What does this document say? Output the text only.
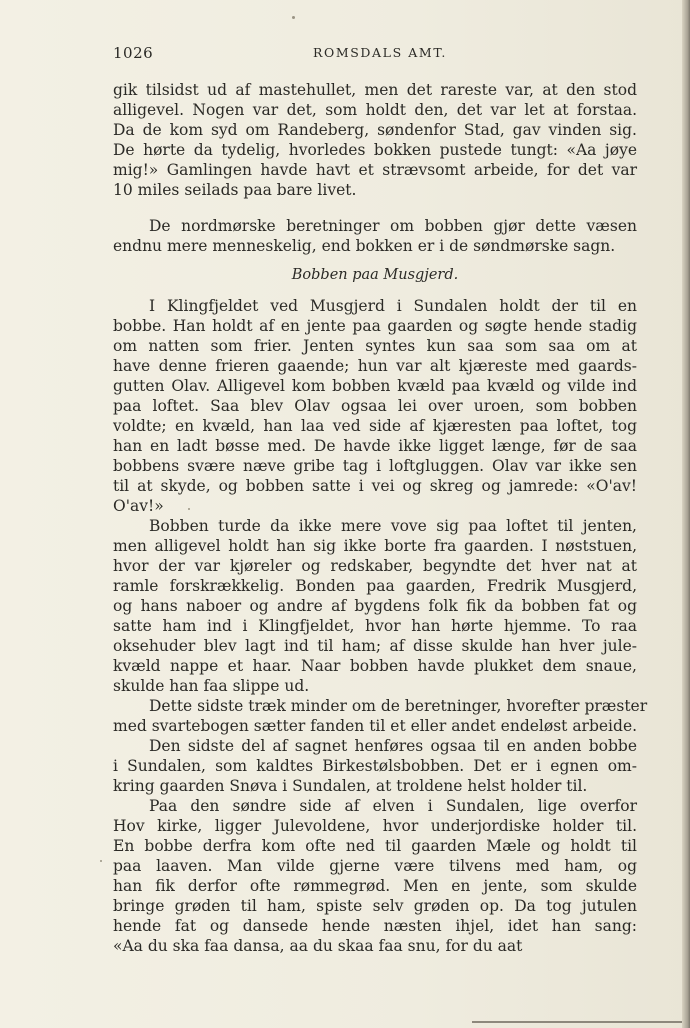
1026	ROMSDALS AMT.
gik tilsidst ud af mastehullet, men det rareste var, at den stod
alligevel. Nogen var det, som holdt den, det var let at forstaa.
Da de kom syd om Randeberg, søndenfor Stad, gav vinden sig.
De hørte da tydelig, hvorledes bokken pustede tungt: «Aa jøye
mig!» Gamlingen havde havt et strævsomt arbeide, for det var
10 miles seilads paa bare livet.
De nordmørske beretninger om bobben gjør dette væsen
endnu mere menneskelig, end bokken er i de søndmørske sagn.
Bobben paa Musgjerd.
I Klingfjeldet ved Musgjerd i Sundalen holdt der til en
bobbe. Han holdt af en jente paa gaarden og søgte hende stadig
om natten som frier. Jenten syntes kun saa som saa om at
have denne frieren gaaende; hun var alt kjæreste med gaards-
gutten Olav. Alligevel kom bobben kvæld paa kvæld og vilde ind
paa loftet. Saa blev Olav ogsaa lei over uroen, som bobben
voldte; en kvæld, han laa ved side af kjæresten paa loftet, tog
han en ladt bøsse med. De havde ikke ligget længe, før de saa
bobbens svære næve gribe tag i loftgluggen. Olav var ikke sen
til at skyde, og bobben satte i vei og skreg og jamrede: «O'av!
O'av!»
Bobben turde da ikke mere vove sig paa loftet til jenten,
men alligevel holdt han sig ikke borte fra gaarden. I nøststuen,
hvor der var kjøreler og redskaber, begyndte det hver nat at
ramle forskrækkelig. Bonden paa gaarden, Fredrik Musgjerd,
og hans naboer og andre af bygdens folk fik da bobben fat og
satte ham ind i Klingfjeldet, hvor han hørte hjemme. To raa
oksehuder blev lagt ind til ham; af disse skulde han hver jule-
kvæld nappe et haar. Naar bobben havde plukket dem snaue,
skulde han faa slippe ud.
Dette sidste træk minder om de beretninger, hvorefter præster
med svartebogen sætter fanden til et eller andet endeløst arbeide.
Den sidste del af sagnet henføres ogsaa til en anden bobbe
i Sundalen, som kaldtes Birkestølsbobben. Det er i egnen om-
kring gaarden Snøva i Sundalen, at troldene helst holder til.
Paa den søndre side af elven i Sundalen, lige overfor
Hov kirke, ligger Julevoldene, hvor underjordiske holder til.
En bobbe derfra kom ofte ned til gaarden Mæle og holdt til
paa laaven. Man vilde gjerne være tilvens med ham, og
han fik derfor ofte rømmegrød. Men en jente, som skulde
bringe grøden til ham, spiste selv grøden op. Da tog jutulen
hende fat og dansede hende næsten ihjel, idet han sang:
«Aa du ska faa dansa, aa du skaa faa snu, for du aat
